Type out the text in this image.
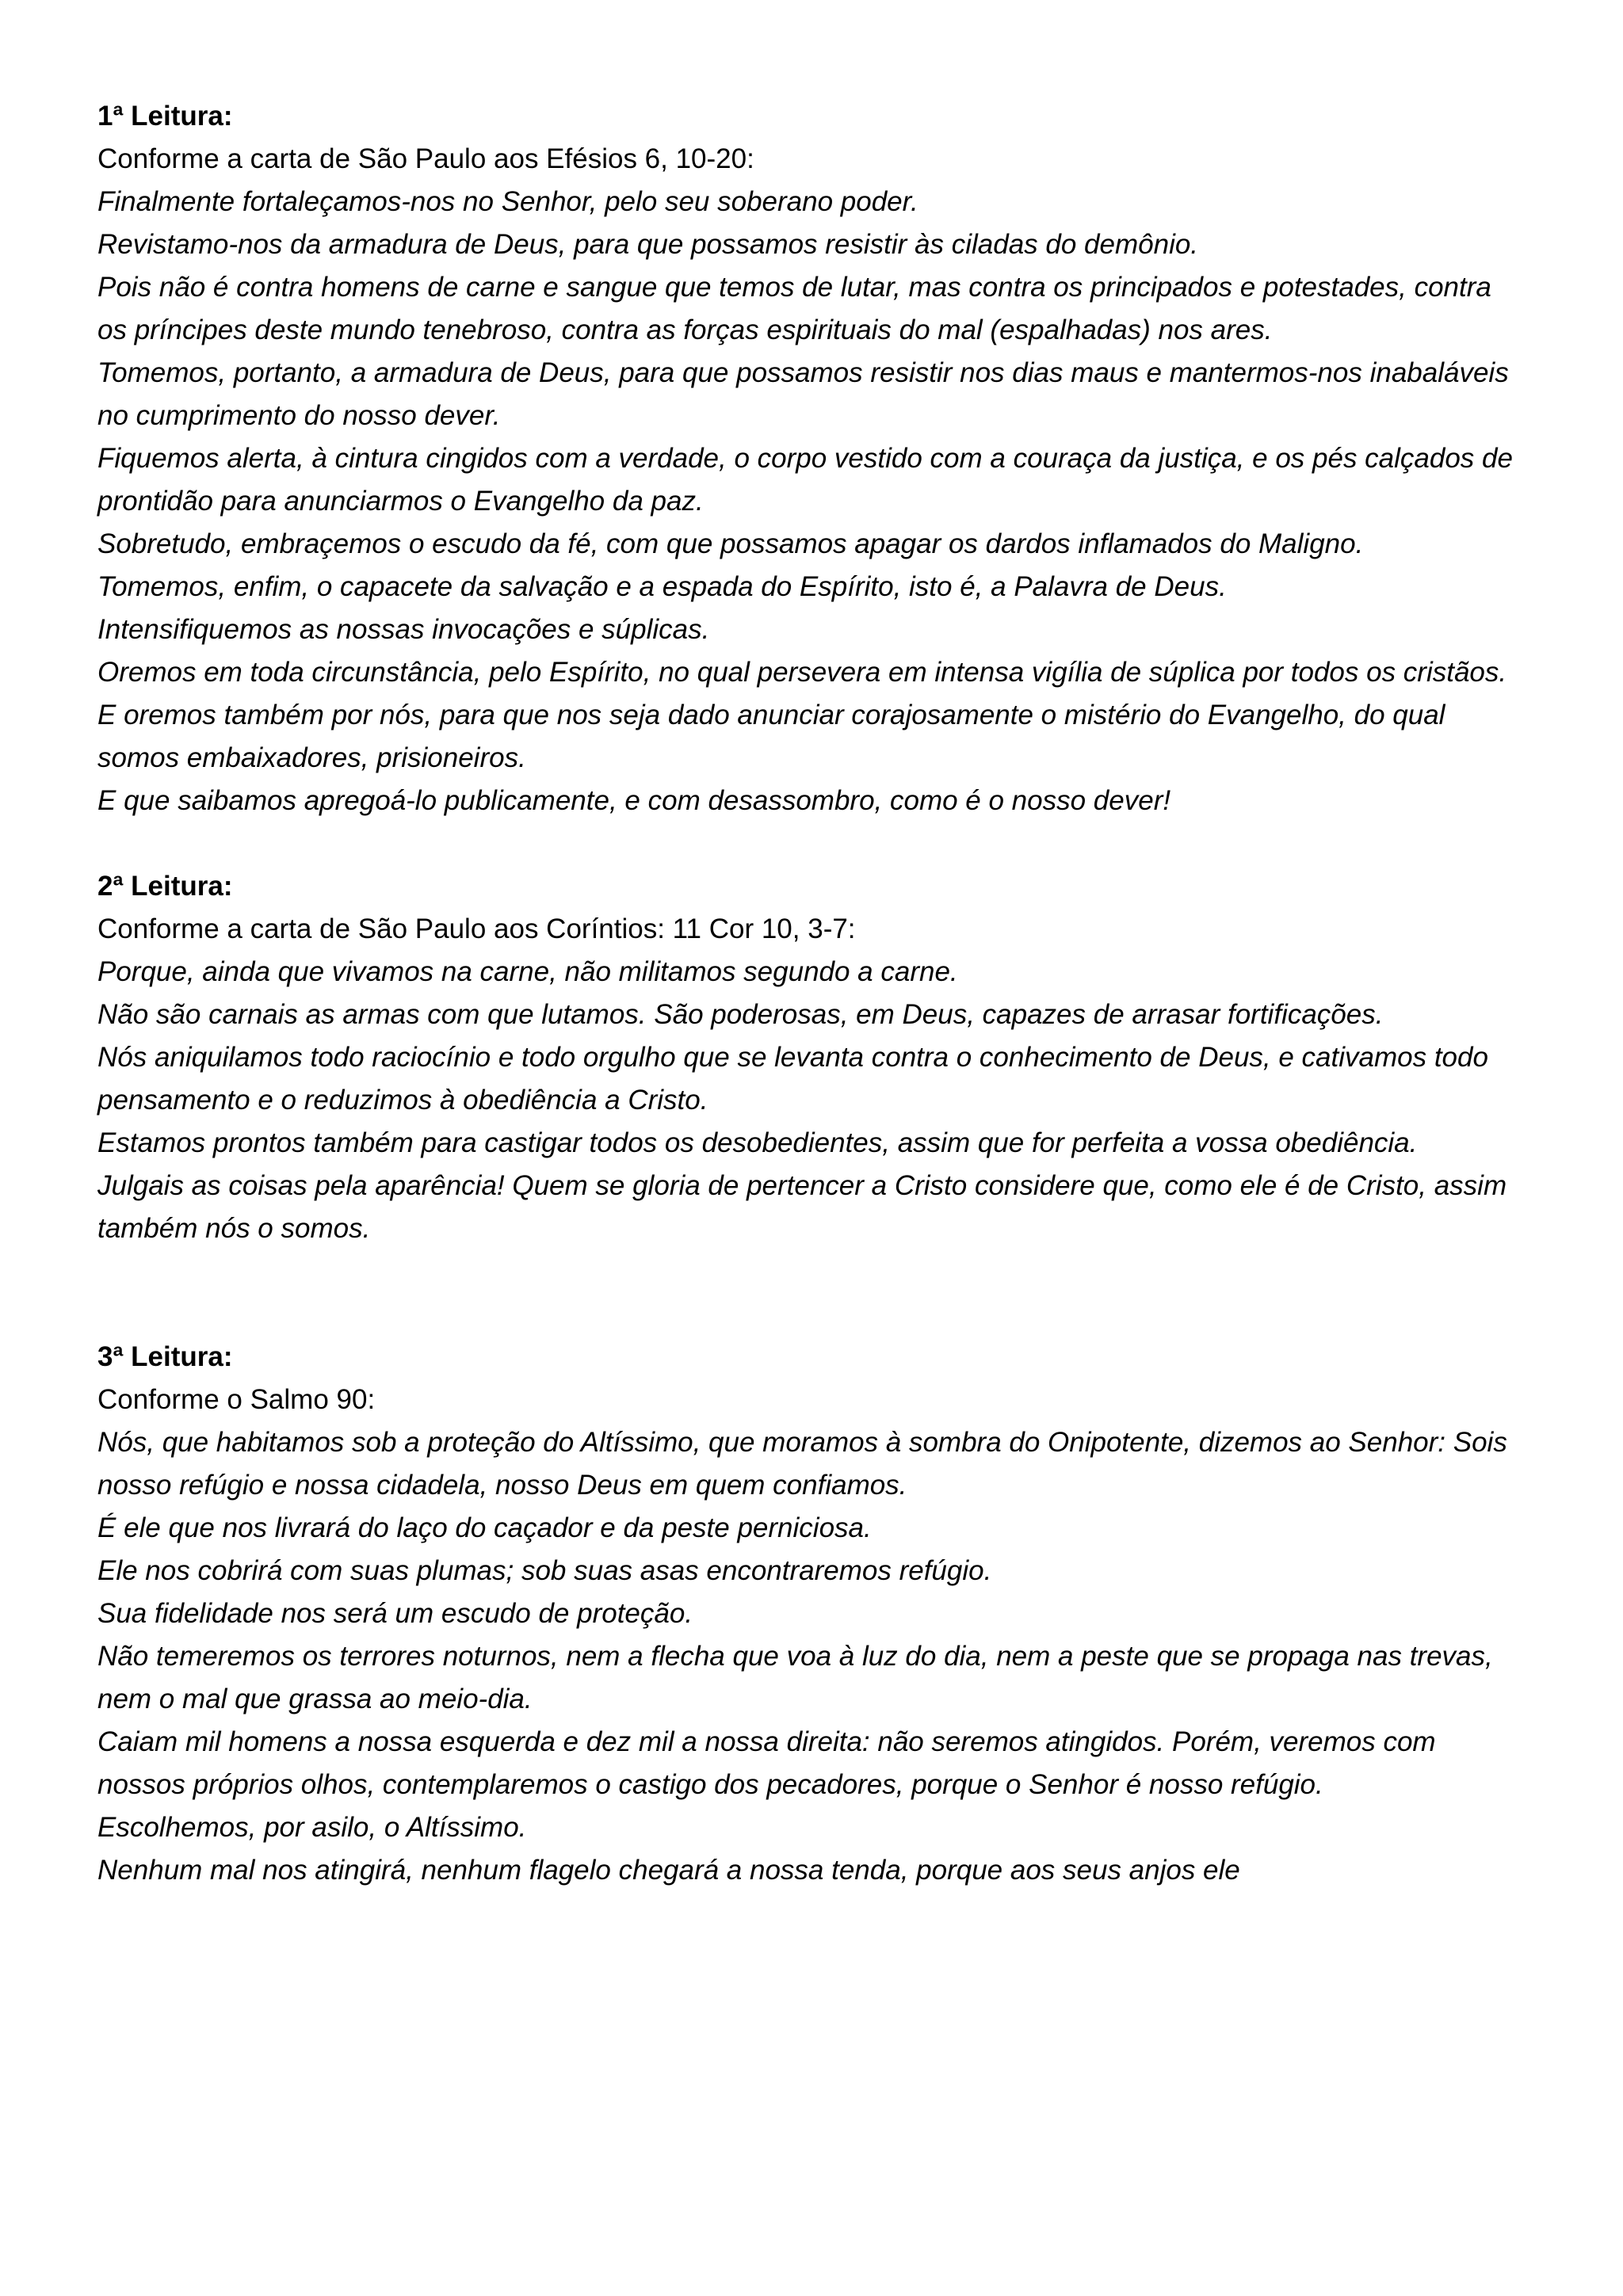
1ª Leitura:

Conforme a carta de São Paulo aos Efésios 6, 10-20:

Finalmente fortaleçamos-nos no Senhor, pelo seu soberano poder.

Revistamo-nos da armadura de Deus, para que possamos resistir às ciladas do demônio.

Pois não é contra homens de carne e sangue que temos de lutar, mas contra os principados e potestades, contra os príncipes deste mundo tenebroso, contra as forças espirituais do mal (espalhadas) nos ares.

Tomemos, portanto, a armadura de Deus, para que possamos resistir nos dias maus e mantermos-nos inabaláveis no cumprimento do nosso dever.

Fiquemos alerta, à cintura cingidos com a verdade, o corpo vestido com a couraça da justiça, e os pés calçados de prontidão para anunciarmos o Evangelho da paz.

Sobretudo, embraçemos o escudo da fé, com que possamos apagar os dardos inflamados do Maligno.

Tomemos, enfim, o capacete da salvação e a espada do Espírito, isto é, a Palavra de Deus.

Intensifiquemos as nossas invocações e súplicas.

Oremos em toda circunstância, pelo Espírito, no qual persevera em intensa vigília de súplica por todos os cristãos.

E oremos também por nós, para que nos seja dado anunciar corajosamente o mistério do Evangelho, do qual somos embaixadores, prisioneiros.

E que saibamos apregoá-lo publicamente, e com desassombro, como é o nosso dever!

2ª Leitura:

Conforme a carta de São Paulo aos Coríntios: 11 Cor 10, 3-7:

Porque, ainda que vivamos na carne, não militamos segundo a carne.

Não são carnais as armas com que lutamos. São poderosas, em Deus, capazes de arrasar fortificações.

Nós aniquilamos todo raciocínio e todo orgulho que se levanta contra o conhecimento de Deus, e cativamos todo pensamento e o reduzimos à obediência a Cristo.

Estamos prontos também para castigar todos os desobedientes, assim que for perfeita a vossa obediência.

Julgais as coisas pela aparência! Quem se gloria de pertencer a Cristo considere que, como ele é de Cristo, assim também nós o somos.

3ª Leitura:

Conforme o Salmo 90:

Nós, que habitamos sob a proteção do Altíssimo, que moramos à sombra do Onipotente, dizemos ao Senhor: Sois nosso refúgio e nossa cidadela, nosso Deus em quem confiamos.

É ele que nos livrará do laço do caçador e da peste perniciosa.

Ele nos cobrirá com suas plumas; sob suas asas encontraremos refúgio.

Sua fidelidade nos será um escudo de proteção.

Não temeremos os terrores noturnos, nem a flecha que voa à luz do dia, nem a peste que se propaga nas trevas, nem o mal que grassa ao meio-dia.

Caiam mil homens a nossa esquerda e dez mil a nossa direita: não seremos atingidos. Porém, veremos com nossos próprios olhos, contemplaremos o castigo dos pecadores, porque o Senhor é nosso refúgio.

Escolhemos, por asilo, o Altíssimo.

Nenhum mal nos atingirá, nenhum flagelo chegará a nossa tenda, porque aos seus anjos ele
